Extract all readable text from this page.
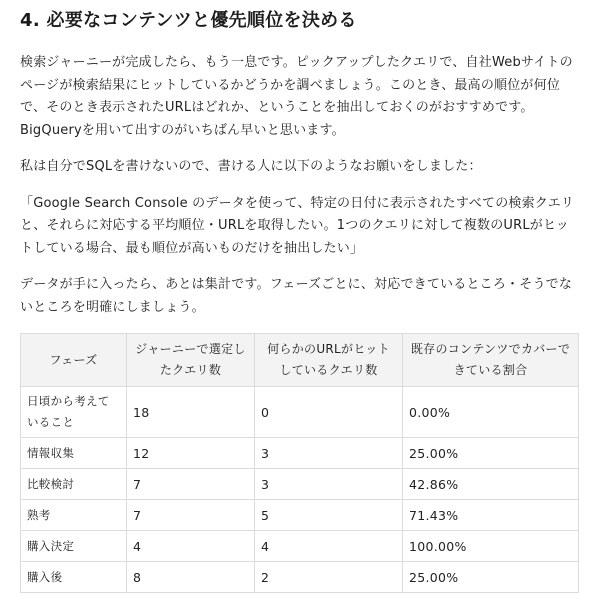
4. 必要なコンテンツと優先順位を決める

検索ジャーニーが完成したら、もう一息です。ピックアップしたクエリで、自社Webサイトのページが検索結果にヒットしているかどうかを調べましょう。このとき、最高の順位が何位で、そのとき表示されたURLはどれか、ということを抽出しておくのがおすすめです。BigQueryを用いて出すのがいちばん早いと思います。

私は自分でSQLを書けないので、書ける人に以下のようなお願いをしました：

「Google Search Console のデータを使って、特定の日付に表示されたすべての検索クエリと、それらに対応する平均順位・URLを取得したい。1つのクエリに対して複数のURLがヒットしている場合、最も順位が高いものだけを抽出したい」

データが手に入ったら、あとは集計です。フェーズごとに、対応できているところ・そうでないところを明確にしましょう。

フェーズ	ジャーニーで選定したクエリ数	何らかのURLがヒットしているクエリ数	既存のコンテンツでカバーできている割合
日頃から考えていること	18	0	0.00%
情報収集	12	3	25.00%
比較検討	7	3	42.86%
熟考	7	5	71.43%
購入決定	4	4	100.00%
購入後	8	2	25.00%
